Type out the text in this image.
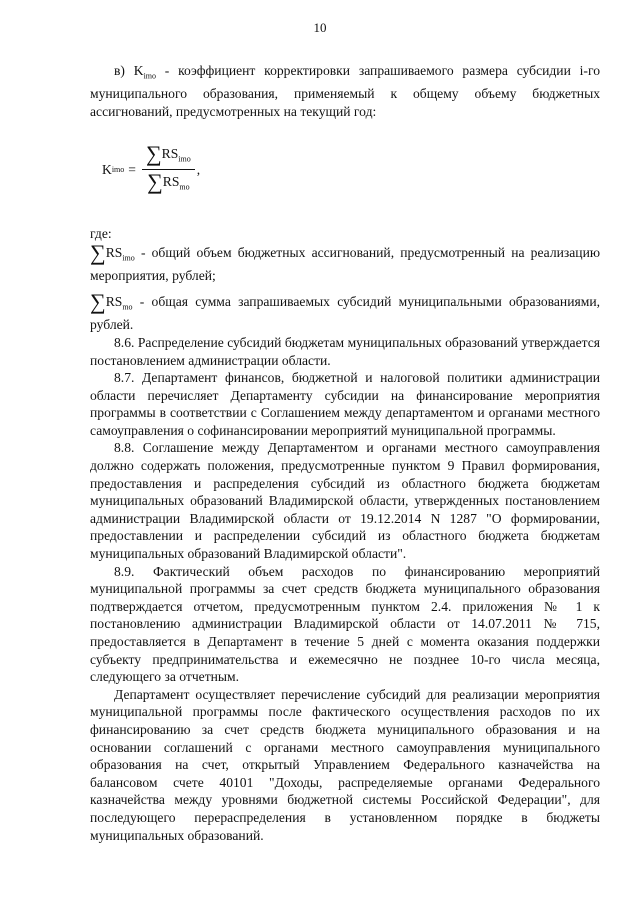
10

в) $K_{imo}$ - коэффициент корректировки запрашиваемого размера субсидии i-го муниципального образования, применяемый к общему объему бюджетных ассигнований, предусмотренных на текущий год:

K imo = $\frac{\sum RS_{imo}}{\sum RS_{mo}}$ ,

где:

$\sum RS_{imo}$ - общий объем бюджетных ассигнований, предусмотренный на реализацию мероприятия, рублей;

$\sum RS_{mo}$ - общая сумма запрашиваемых субсидий муниципальными образованиями, рублей.

8.6. Распределение субсидий бюджетам муниципальных образований утверждается постановлением администрации области.

8.7. Департамент финансов, бюджетной и налоговой политики администрации области перечисляет Департаменту субсидии на финансирование мероприятия программы в соответствии с Соглашением между департаментом и органами местного самоуправления о софинансировании мероприятий муниципальной программы.

8.8. Соглашение между Департаментом и органами местного самоуправления должно содержать положения, предусмотренные пунктом 9 Правил формирования, предоставления и распределения субсидий из областного бюджета бюджетам муниципальных образований Владимирской области, утвержденных постановлением администрации Владимирской области от 19.12.2014 N 1287 "О формировании, предоставлении и распределении субсидий из областного бюджета бюджетам муниципальных образований Владимирской области".

8.9. Фактический объем расходов по финансированию мероприятий муниципальной программы за счет средств бюджета муниципального образования подтверждается отчетом, предусмотренным пунктом 2.4. приложения № 1 к постановлению администрации Владимирской области от 14.07.2011 № 715, предоставляется в Департамент в течение 5 дней с момента оказания поддержки субъекту предпринимательства и ежемесячно не позднее 10-го числа месяца, следующего за отчетным.

Департамент осуществляет перечисление субсидий для реализации мероприятия муниципальной программы после фактического осуществления расходов по их финансированию за счет средств бюджета муниципального образования и на основании соглашений с органами местного самоуправления муниципального образования на счет, открытый Управлением Федерального казначейства на балансовом счете 40101 "Доходы, распределяемые органами Федерального казначейства между уровнями бюджетной системы Российской Федерации", для последующего перераспределения в установленном порядке в бюджеты муниципальных образований.
